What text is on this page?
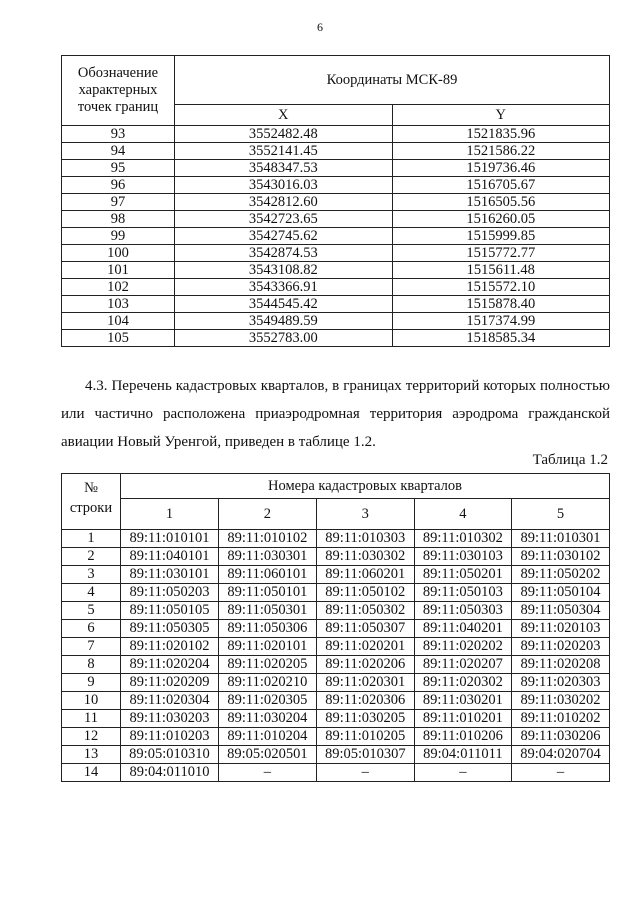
6
Обозначение характерных точек границ	Координаты МСК-89	
	X	Y
93	3552482.48	1521835.96
94	3552141.45	1521586.22
95	3548347.53	1519736.46
96	3543016.03	1516705.67
97	3542812.60	1516505.56
98	3542723.65	1516260.05
99	3542745.62	1515999.85
100	3542874.53	1515772.77
101	3543108.82	1515611.48
102	3543366.91	1515572.10
103	3544545.42	1515878.40
104	3549489.59	1517374.99
105	3552783.00	1518585.34
4.3. Перечень кадастровых кварталов, в границах территорий которых полностью или частично расположена приаэродромная территория аэродрома гражданской авиации Новый Уренгой, приведен в таблице 1.2.
Таблица 1.2
№ строки	Номера кадастровых кварталов				
	1	2	3	4	5
1	89:11:010101	89:11:010102	89:11:010303	89:11:010302	89:11:010301
2	89:11:040101	89:11:030301	89:11:030302	89:11:030103	89:11:030102
3	89:11:030101	89:11:060101	89:11:060201	89:11:050201	89:11:050202
4	89:11:050203	89:11:050101	89:11:050102	89:11:050103	89:11:050104
5	89:11:050105	89:11:050301	89:11:050302	89:11:050303	89:11:050304
6	89:11:050305	89:11:050306	89:11:050307	89:11:040201	89:11:020103
7	89:11:020102	89:11:020101	89:11:020201	89:11:020202	89:11:020203
8	89:11:020204	89:11:020205	89:11:020206	89:11:020207	89:11:020208
9	89:11:020209	89:11:020210	89:11:020301	89:11:020302	89:11:020303
10	89:11:020304	89:11:020305	89:11:020306	89:11:030201	89:11:030202
11	89:11:030203	89:11:030204	89:11:030205	89:11:010201	89:11:010202
12	89:11:010203	89:11:010204	89:11:010205	89:11:010206	89:11:030206
13	89:05:010310	89:05:020501	89:05:010307	89:04:011011	89:04:020704
14	89:04:011010	–	–	–	–
